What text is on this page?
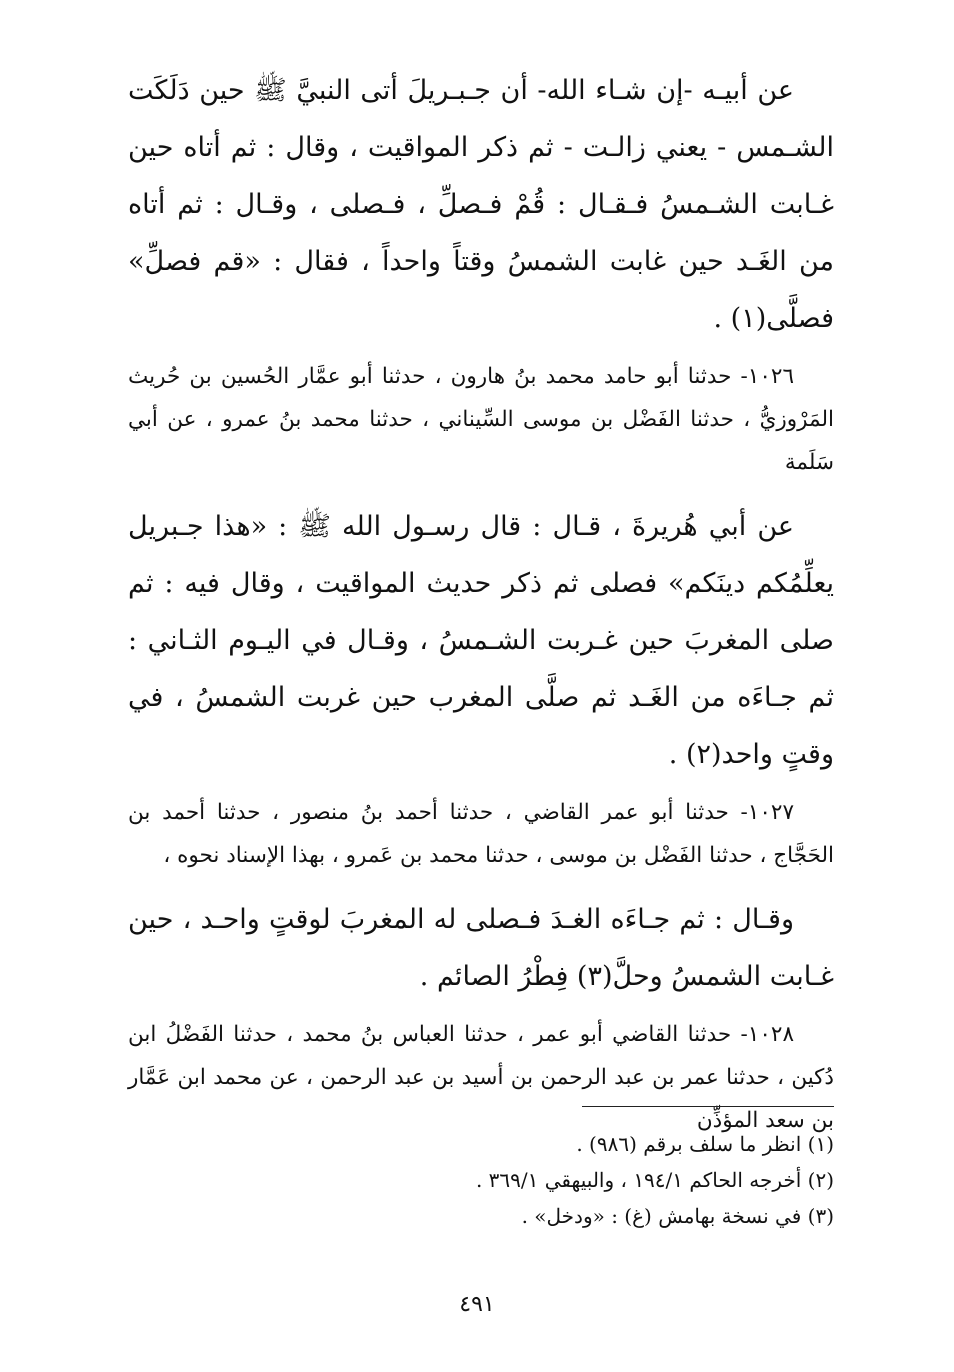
عن أبيـه -إن شـاء الله- أن جـبـريلَ أتى النبيَّ ﷺ حين دَلَكَت الشـمس - يعني زالـت - ثم ذكر المواقيت ، وقال : ثم أتاه حين غـابت الشـمسُ فـقـال : قُمْ فـصلِّ ، فـصلى ، وقـال : ثم أتاه من الغَـد حين غابت الشمسُ وقتاً واحداً ، فقال : «قم فصلِّ» فصلَّى(١) .

١٠٢٦- حدثنا أبو حامد محمد بنُ هارون ، حدثنا أبو عمَّار الحُسين بن حُريث المَرْوزيُّ ، حدثنا الفَضْل بن موسى السِّيناني ، حدثنا محمد بنُ عمرو ، عن أبي سَلَمة

عن أبي هُريرةَ ، قـال : قال رسـول الله ﷺ : «هذا جـبريل يعلِّمُكم دينَكم» فصلى ثم ذكر حديث المواقيت ، وقال فيه : ثم صلى المغربَ حين غـربت الشـمسُ ، وقـال في اليـوم الثـاني : ثم جـاءَه من الغَـد ثم صلَّى المغرب حين غربت الشمسُ ، في وقتٍ واحد(٢) .

١٠٢٧- حدثنا أبو عمر القاضي ، حدثنا أحمد بنُ منصور ، حدثنا أحمد بن الحَجَّاج ، حدثنا الفَضْل بن موسى ، حدثنا محمد بن عَمرو ، بهذا الإسناد نحوه ،

وقـال : ثم جـاءَه الغـدَ فـصلى له المغربَ لوقتٍ واحـد ، حين غـابت الشمسُ وحلَّ(٣) فِطْرُ الصائم .

١٠٢٨- حدثنا القاضي أبو عمر ، حدثنا العباس بنُ محمد ، حدثنا الفَضْلُ ابن دُكين ، حدثنا عمر بن عبد الرحمن بن أسيد بن عبد الرحمن ، عن محمد ابن عَمَّار بن سعد المؤذِّن

(١) انظر ما سلف برقم (٩٨٦) .
(٢) أخرجه الحاكم ١٩٤/١ ، والبيهقي ٣٦٩/١ .
(٣) في نسخة بهامش (غ) : «ودخل» .
٤٩١
